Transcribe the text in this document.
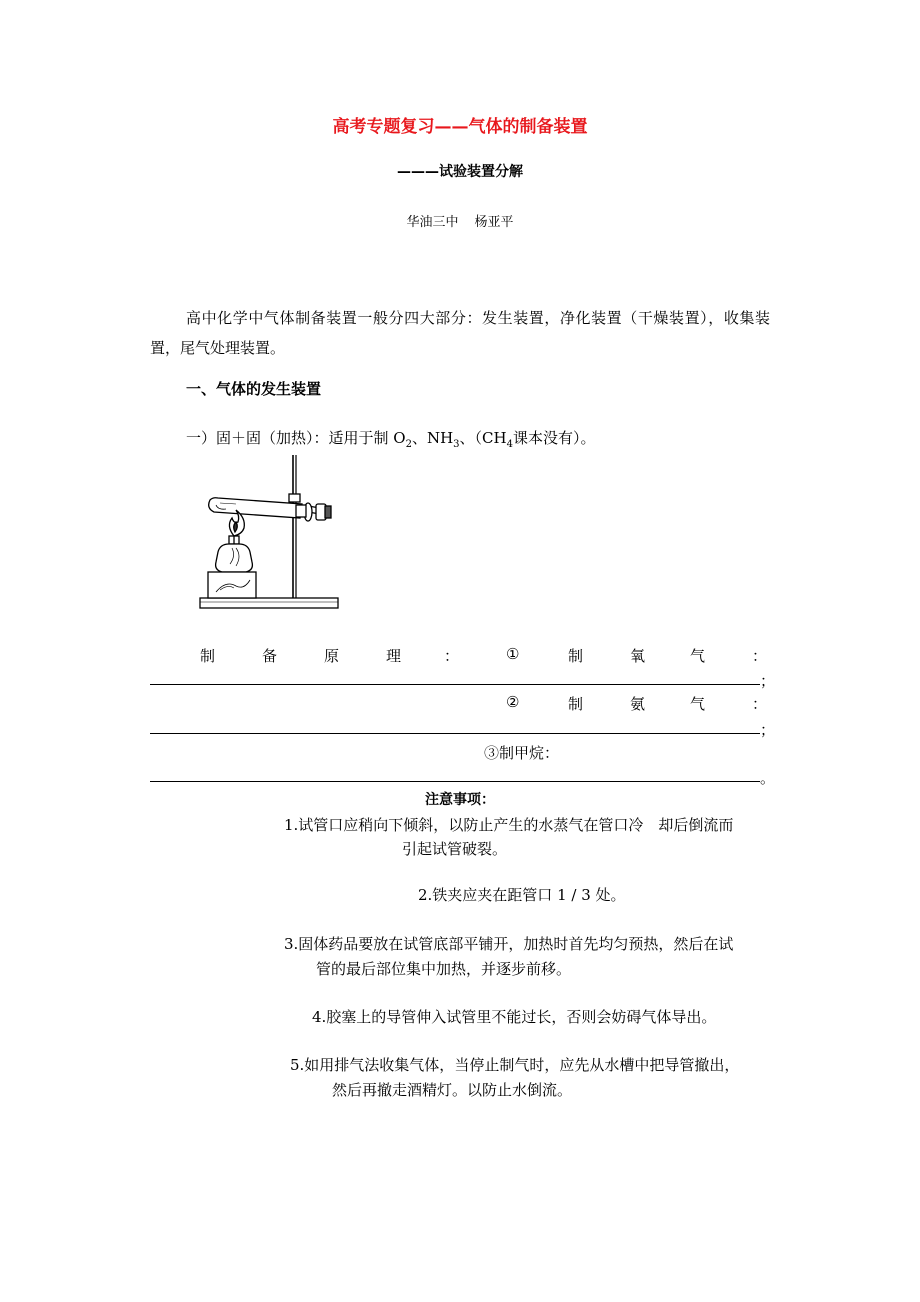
高考专题复习——气体的制备装置
———试验装置分解
华油三中 杨亚平
高中化学中气体制备装置一般分四大部分：发生装置，净化装置（干燥装置），收集装置，尾气处理装置。
一、气体的发生装置
一）固＋固（加热）：适用于制 $O_2$、$NH_3$、（$CH_4$课本没有）。
制	备	原	理	：	①	制	氧	气	：
；
②	制	氨	气	：
；
③制甲烷：
。
注意事项：
1.试管口应稍向下倾斜，以防止产生的水蒸气在管口冷　却后倒流而
引起试管破裂。
2.铁夹应夹在距管口 1 / 3 处。
3.固体药品要放在试管底部平铺开，加热时首先均匀预热，然后在试
管的最后部位集中加热，并逐步前移。
4.胶塞上的导管伸入试管里不能过长，否则会妨碍气体导出。
5.如用排气法收集气体，当停止制气时，应先从水槽中把导管撤出，
然后再撤走酒精灯。以防止水倒流。
